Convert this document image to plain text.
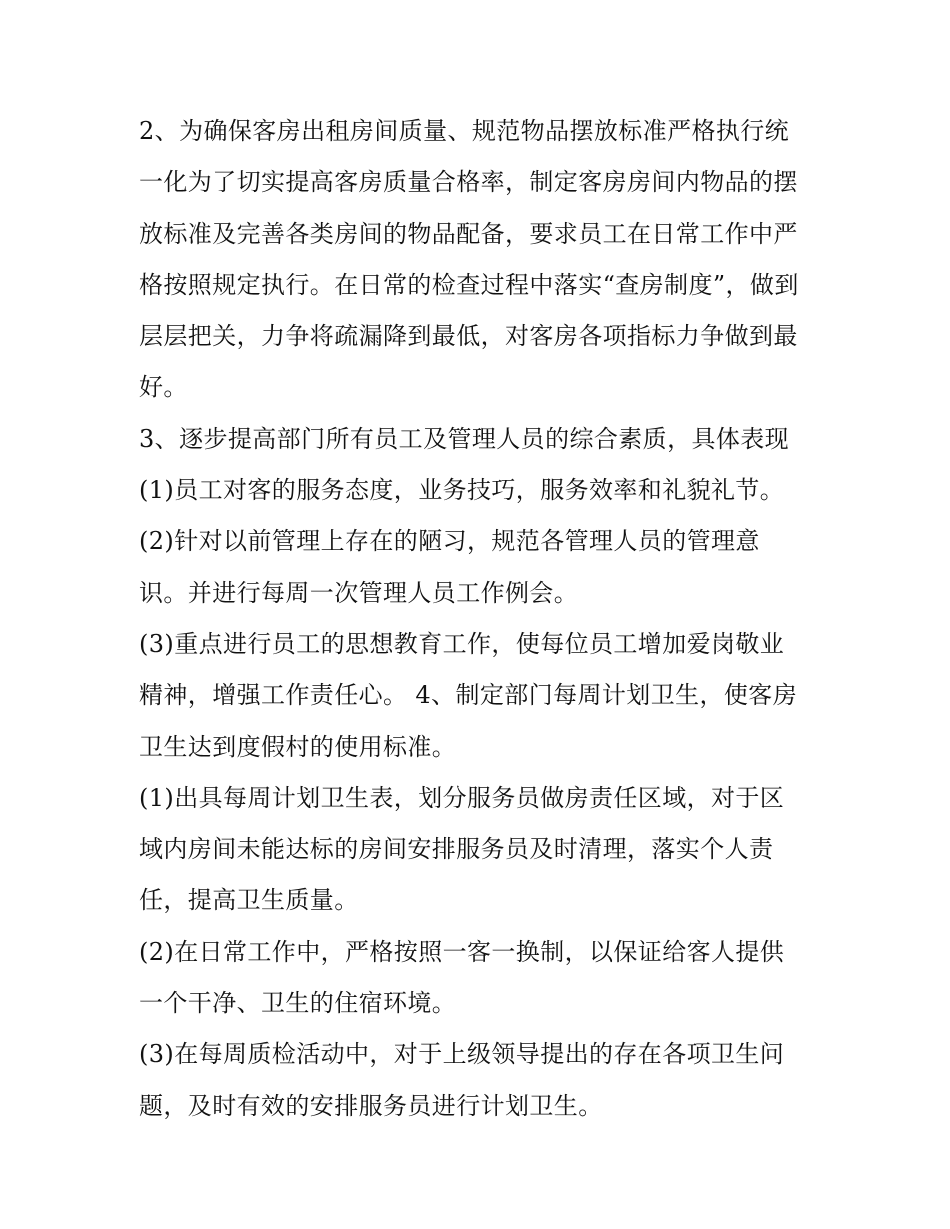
2、为确保客房出租房间质量、规范物品摆放标准严格执行统
一化为了切实提高客房质量合格率，制定客房房间内物品的摆
放标准及完善各类房间的物品配备，要求员工在日常工作中严
格按照规定执行。在日常的检查过程中落实“查房制度”，做到
层层把关，力争将疏漏降到最低，对客房各项指标力争做到最
好。
3、逐步提高部门所有员工及管理人员的综合素质，具体表现
(1)员工对客的服务态度，业务技巧，服务效率和礼貌礼节。
(2)针对以前管理上存在的陋习，规范各管理人员的管理意
识。并进行每周一次管理人员工作例会。
(3)重点进行员工的思想教育工作，使每位员工增加爱岗敬业
精神，增强工作责任心。 4、制定部门每周计划卫生，使客房
卫生达到度假村的使用标准。
(1)出具每周计划卫生表，划分服务员做房责任区域，对于区
域内房间未能达标的房间安排服务员及时清理，落实个人责
任，提高卫生质量。
(2)在日常工作中，严格按照一客一换制，以保证给客人提供
一个干净、卫生的住宿环境。
(3)在每周质检活动中，对于上级领导提出的存在各项卫生问
题，及时有效的安排服务员进行计划卫生。
